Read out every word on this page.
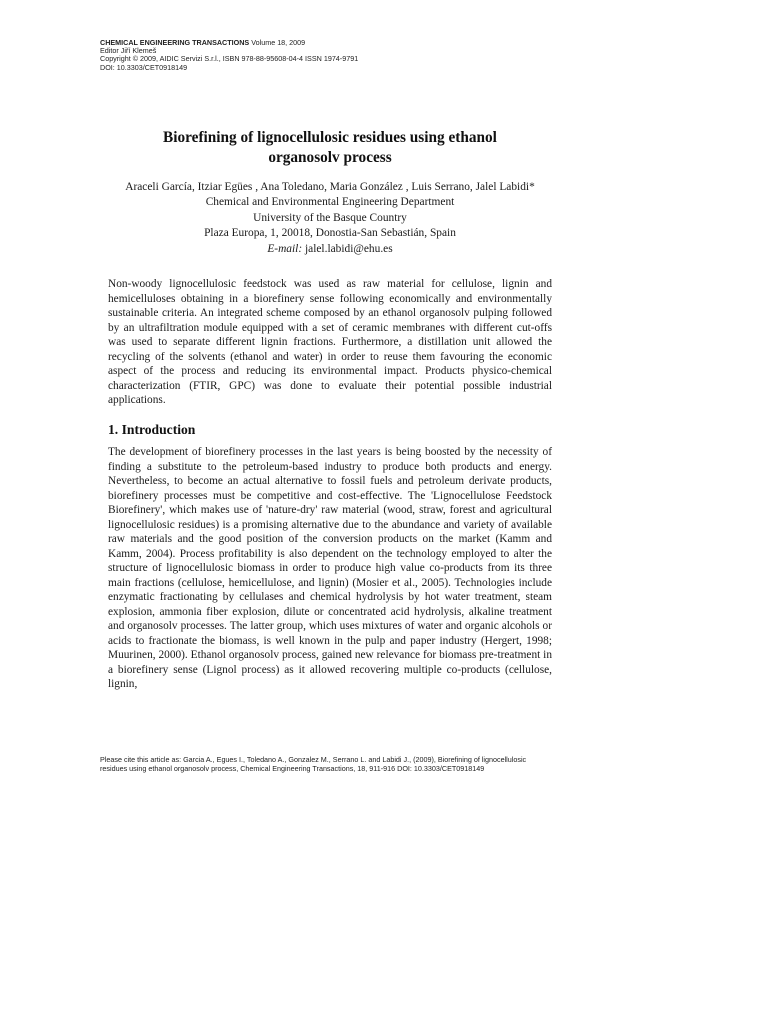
CHEMICAL ENGINEERING TRANSACTIONS Volume 18, 2009
Editor Jiří Klemeš
Copyright © 2009, AIDIC Servizi S.r.l., ISBN 978-88-95608-04-4 ISSN 1974-9791
DOI: 10.3303/CET0918149
Biorefining of lignocellulosic residues using ethanol
organosolv process
Araceli García, Itziar Egües , Ana Toledano, Maria González , Luis Serrano, Jalel Labidi*
Chemical and Environmental Engineering Department
University of the Basque Country
Plaza Europa, 1, 20018, Donostia-San Sebastián, Spain
E-mail: jalel.labidi@ehu.es
Non-woody lignocellulosic feedstock was used as raw material for cellulose, lignin and hemicelluloses obtaining in a biorefinery sense following economically and environmentally sustainable criteria. An integrated scheme composed by an ethanol organosolv pulping followed by an ultrafiltration module equipped with a set of ceramic membranes with different cut-offs was used to separate different lignin fractions. Furthermore, a distillation unit allowed the recycling of the solvents (ethanol and water) in order to reuse them favouring the economic aspect of the process and reducing its environmental impact. Products physico-chemical characterization (FTIR, GPC) was done to evaluate their potential possible industrial applications.
1. Introduction
The development of biorefinery processes in the last years is being boosted by the necessity of finding a substitute to the petroleum-based industry to produce both products and energy. Nevertheless, to become an actual alternative to fossil fuels and petroleum derivate products, biorefinery processes must be competitive and cost-effective. The 'Lignocellulose Feedstock Biorefinery', which makes use of 'nature-dry' raw material (wood, straw, forest and agricultural lignocellulosic residues) is a promising alternative due to the abundance and variety of available raw materials and the good position of the conversion products on the market (Kamm and Kamm, 2004). Process profitability is also dependent on the technology employed to alter the structure of lignocellulosic biomass in order to produce high value co-products from its three main fractions (cellulose, hemicellulose, and lignin) (Mosier et al., 2005). Technologies include enzymatic fractionating by cellulases and chemical hydrolysis by hot water treatment, steam explosion, ammonia fiber explosion, dilute or concentrated acid hydrolysis, alkaline treatment and organosolv processes. The latter group, which uses mixtures of water and organic alcohols or acids to fractionate the biomass, is well known in the pulp and paper industry (Hergert, 1998; Muurinen, 2000). Ethanol organosolv process, gained new relevance for biomass pre-treatment in a biorefinery sense (Lignol process) as it allowed recovering multiple co-products (cellulose, lignin,
Please cite this article as: Garcia A., Egues I., Toledano A., Gonzalez M., Serrano L. and Labidi J., (2009), Biorefining of lignocellulosic residues using ethanol organosolv process, Chemical Engineering Transactions, 18, 911-916 DOI: 10.3303/CET0918149
